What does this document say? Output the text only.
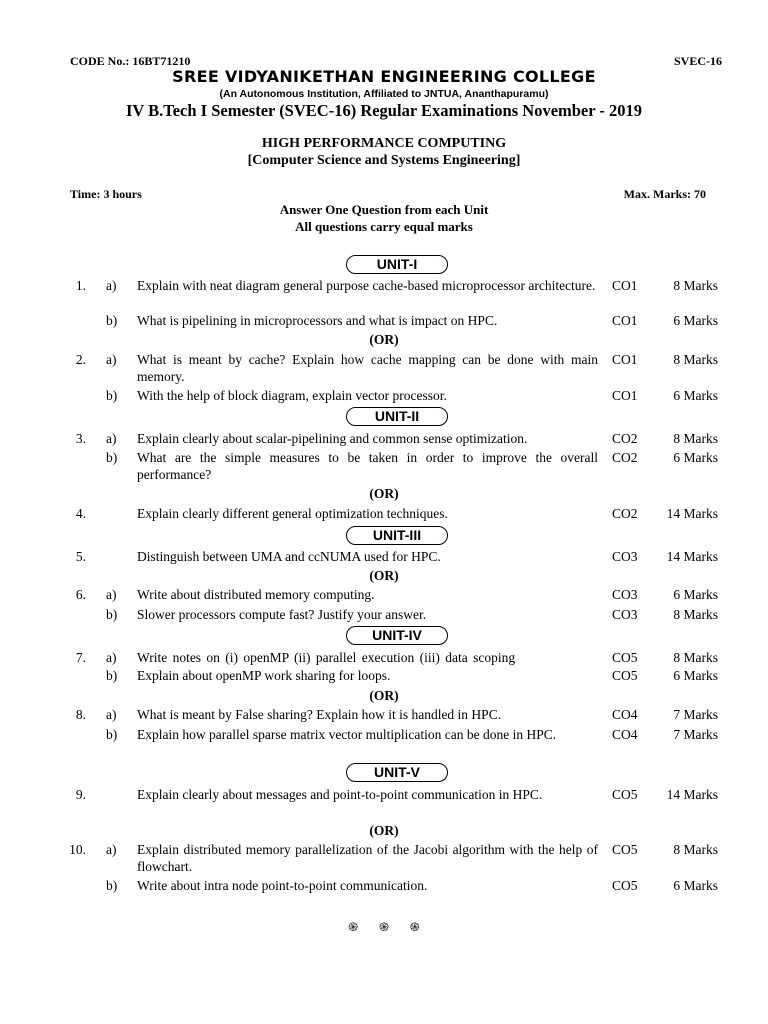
CODE No.: 16BT71210	SVEC-16
SREE VIDYANIKETHAN ENGINEERING COLLEGE
(An Autonomous Institution, Affiliated to JNTUA, Ananthapuramu)
IV B.Tech I Semester (SVEC-16) Regular Examinations November - 2019
HIGH PERFORMANCE COMPUTING
[Computer Science and Systems Engineering]
Time: 3 hours	Max. Marks: 70
Answer One Question from each Unit
All questions carry equal marks
UNIT-I
1. a) Explain with neat diagram general purpose cache-based microprocessor architecture. CO1	8 Marks
b) What is pipelining in microprocessors and what is impact on HPC.	CO1	6 Marks
(OR)
2. a) What is meant by cache? Explain how cache mapping can be done with main memory.
CO1	8 Marks
b) With the help of block diagram, explain vector processor.	CO1	6 Marks
UNIT-II
3. a) Explain clearly about scalar-pipelining and common sense optimization.	CO2	8 Marks
b) What are the simple measures to be taken in order to improve the overall performance?
CO2	6 Marks
(OR)
4.	Explain clearly different general optimization techniques.	CO2	14 Marks
UNIT-III
5.	Distinguish between UMA and ccNUMA used for HPC.	CO3	14 Marks
(OR)
6. a) Write about distributed memory computing.	CO3	6 Marks
b) Slower processors compute fast? Justify your answer.	CO3	8 Marks
UNIT-IV
7. a) Write notes on (i) openMP (ii) parallel execution (iii) data scoping	CO5	8 Marks
b) Explain about openMP work sharing for loops.	CO5	6 Marks
(OR)
8. a) What is meant by False sharing? Explain how it is handled in HPC.	CO4	7 Marks
b) Explain how parallel sparse matrix vector multiplication can be done in HPC.	CO4	7 Marks
UNIT-V
9.	Explain clearly about messages and point-to-point communication in HPC.	CO5	14 Marks
(OR)
10. a) Explain distributed memory parallelization of the Jacobi algorithm with the help of flowchart.
CO5	8 Marks
b) Write about intra node point-to-point communication.	CO5	6 Marks
֍ ֍ ֍
